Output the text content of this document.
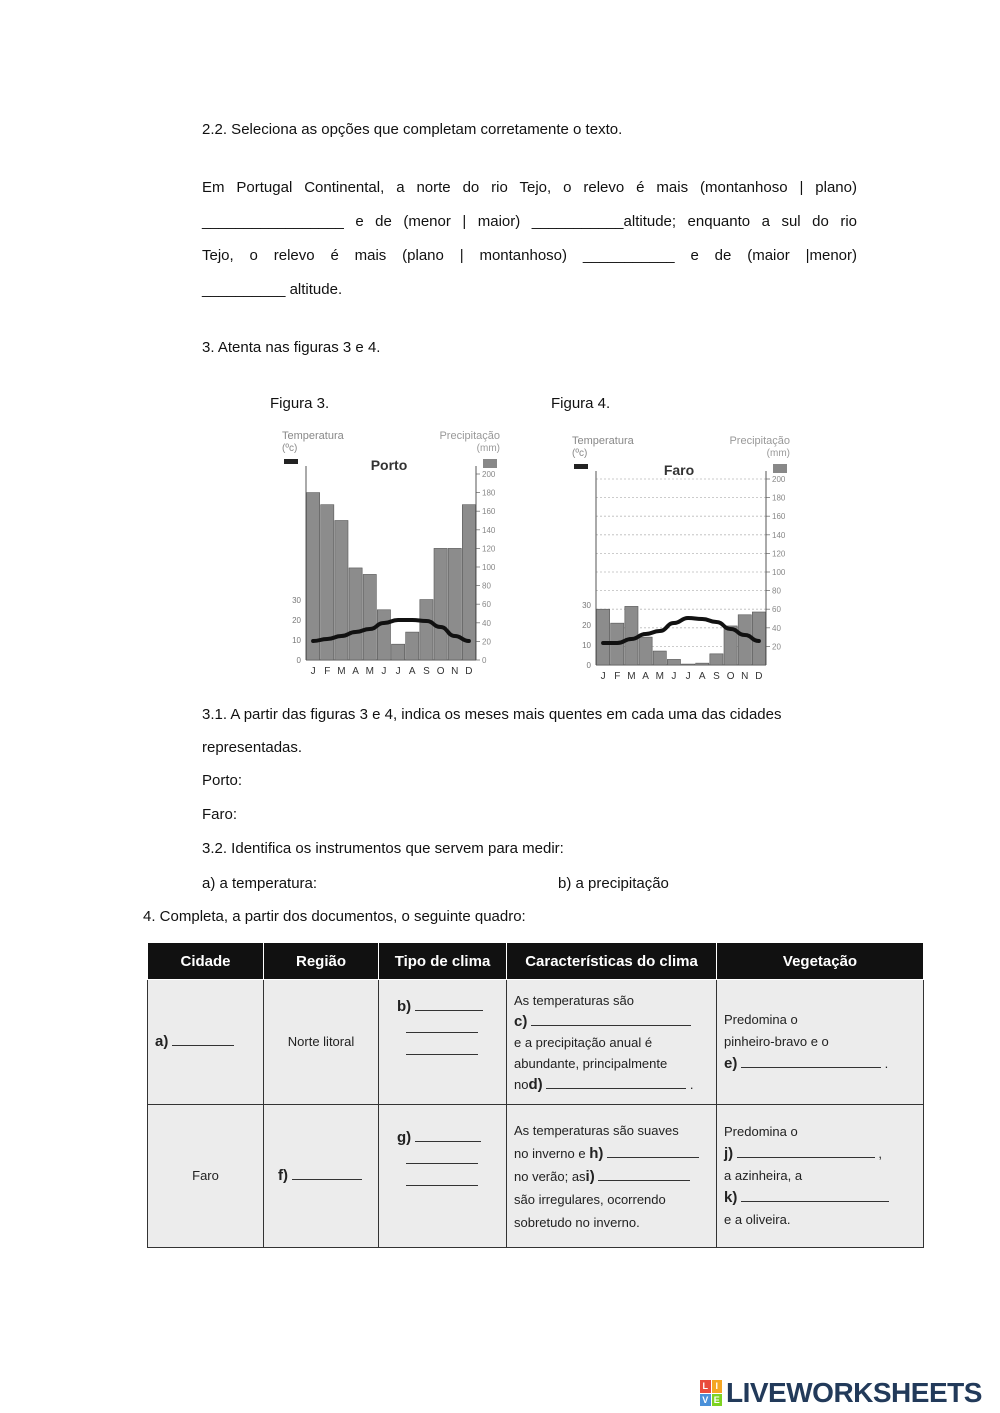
2.2. Seleciona as opções que completam corretamente o texto.
Em Portugal Continental, a norte do rio Tejo, o relevo é mais (montanhoso | plano)
_________________ e de (menor | maior) ___________altitude; enquanto a sul do rio
Tejo, o relevo é mais (plano | montanhoso) ___________ e de (maior |menor)
__________ altitude.
3. Atenta nas figuras 3 e 4.
Figura 3.	Figura 4.
Temperatura
(ºc)
Precipitação
(mm)
Porto
0
20
40
60
80
100
120
140
160
180
200
0
10
20
30
J F M A M J J A S O N D
Temperatura
(ºc)
Precipitação
(mm)
Faro
20
40
60
80
100
120
140
160
180
200
0
10
20
30
J F M A M J J A S O N D
3.1. A partir das figuras 3 e 4, indica os meses mais quentes em cada uma das cidades
representadas.
Porto:
Faro:
3.2. Identifica os instrumentos que servem para medir:
a) a temperatura:	b) a precipitação
4. Completa, a partir dos documentos, o seguinte quadro:
Cidade	Região	Tipo de clima	Características do clima	Vegetação
a)	Norte litoral	b)	As temperaturas são
c)
e a precipitação anual é
abundante, principalmente
nod) .	Predomina o
pinheiro-bravo e o
e) .
Faro	f)	g)	As temperaturas são suaves
no inverno e h)
no verão; asi)
são irregulares, ocorrendo
sobretudo no inverno.	Predomina o
j) ,
a azinheira, a
k)
e a oliveira.
L I
V E LIVEWORKSHEETS
